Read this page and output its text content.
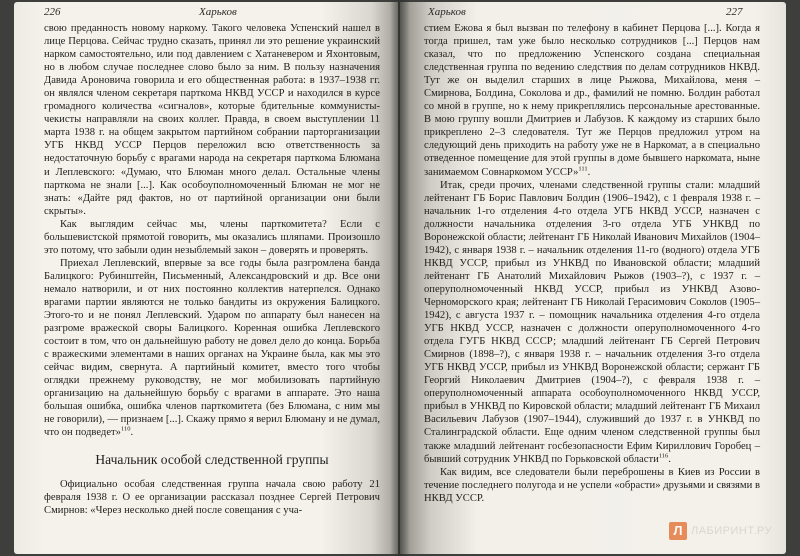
226	Харьков

свою преданность новому наркому. Такого человека Успенский нашел в лице Перцова. Сейчас трудно сказать, принял ли это решение украинский нарком самостоятельно, или под давлением с Хатаневером и Яхонтовым, но в любом случае последнее слово было за ним. В пользу назначения Давида Ароновича говорила и его общественная работа: в 1937–1938 гг. он являлся членом секретаря парткома НКВД УССР и находился в курсе громадного количества «сигналов», которые бдительные коммунисты-чекисты направляли на своих коллег. Правда, в своем выступлении 11 марта 1938 г. на общем закрытом партийном собрании парторганизации УГБ НКВД УССР Перцов переложил всю ответственность за недостаточную борьбу с врагами народа на секретаря парткома Блюмана и Леплевского: «Думаю, что Блюман много делал. Остальные члены парткома не знали [...]. Как особоуполномоченный Блюман не мог не знать: «Дайте ряд фактов, но от партийной организации они были скрыты».

Как выглядим сейчас мы, члены парткомитета? Если с большевистской прямотой говорить, мы оказались шляпами. Произошло это потому, что забыли один незыблемый закон – доверять и проверять.

Приехал Леплевский, впервые за все годы была разгромлена банда Балицкого: Рубинштейн, Письменный, Александровский и др. Все они немало натворили, и от них постоянно коллектив натерпелся. Однако врагами партии являются не только бандиты из окружения Балицкого. Этого-то и не понял Леплевский. Ударом по аппарату был нанесен на разгроме вражеской своры Балицкого. Коренная ошибка Леплевского состоит в том, что он дальнейшую работу не довел дело до конца. Борьба с вражескими элементами в наших органах на Украине была, как мы это сейчас видим, свернута. А партийный комитет, вместо того чтобы оглядки прежнему руководству, не мог мобилизовать партийную организацию на дальнейшую борьбу с врагами в аппарате. Это наша большая ошибка, ошибка членов парткомитета (без Блюмана, с ним мы не говорили), — признаем [...]. Скажу прямо я верил Блюману и не думал, что он подведет»$^{110}$.

Начальник особой следственной группы

Официально особая следственная группа начала свою работу 21 февраля 1938 г. О ее организации рассказал позднее Сергей Петрович Смирнов: «Через несколько дней после совещания с уча-

Харьков	227

стием Ежова я был вызван по телефону в кабинет Перцова [...]. Когда я тогда пришел, там уже было несколько сотрудников [...] Перцов нам сказал, что по предложению Успенского создана специальная следственная группа по ведению следствия по делам сотрудников НКВД. Тут же он выделил старших в лице Рыжова, Михайлова, меня – Смирнова, Болдина, Соколова и др., фамилий не помню. Болдин работал со мной в группе, но к нему прикреплялись персональные арестованные. В мою группу вошли Дмитриев и Лабузов. К каждому из старших было прикреплено 2–3 следователя. Тут же Перцов предложил утром на следующий день приходить на работу уже не в Наркомат, а в специально отведенное помещение для этой группы в доме бывшего наркомата, ныне занимаемом Совнаркомом УССР»$^{111}$.

Итак, среди прочих, членами следственной группы стали: младший лейтенант ГБ Борис Павлович Болдин (1906–1942), с 1 февраля 1938 г. – начальник 1-го отделения 4-го отдела УГБ НКВД УССР, назначен с должности начальника отделения 3-го отдела УГБ УНКВД по Воронежской области; лейтенант ГБ Николай Иванович Михайлов (1904–1942), с января 1938 г. – начальник отделения 11-го (водного) отдела УГБ НКВД УССР, прибыл из УНКВД по Ивановской области; младший лейтенант ГБ Анатолий Михайлович Рыжов (1903–?), с 1937 г. – оперуполномоченный НКВД УССР, прибыл из УНКВД Азово-Черноморского края; лейтенант ГБ Николай Герасимович Соколов (1905–1942), с августа 1937 г. – помощник начальника отделения 4-го отдела УГБ НКВД УССР, назначен с должности оперуполномоченного 4-го отдела ГУГБ НКВД СССР; младший лейтенант ГБ Сергей Петрович Смирнов (1898–?), с января 1938 г. – начальник отделения 3-го отдела УГБ НКВД УССР, прибыл из УНКВД Воронежской области; сержант ГБ Георгий Николаевич Дмитриев (1904–?), с февраля 1938 г. – оперуполномоченный аппарата особоуполномоченного НКВД УССР, прибыл в УНКВД по Кировской области; младший лейтенант ГБ Михаил Васильевич Лабузов (1907–1944), служивший до 1937 г. в УНКВД по Сталинградской области. Еще одним членом следственной группы был также младший лейтенант госбезопасности Ефим Кириллович Горобец – бывший сотрудник УНКВД по Горьковской области$^{116}$.

Как видим, все следователи были переброшены в Киев из России в течение последнего полугода и не успели «обрасти» друзьями и связями в НКВД УССР.

Л ЛАБИРИНТ.РУ
